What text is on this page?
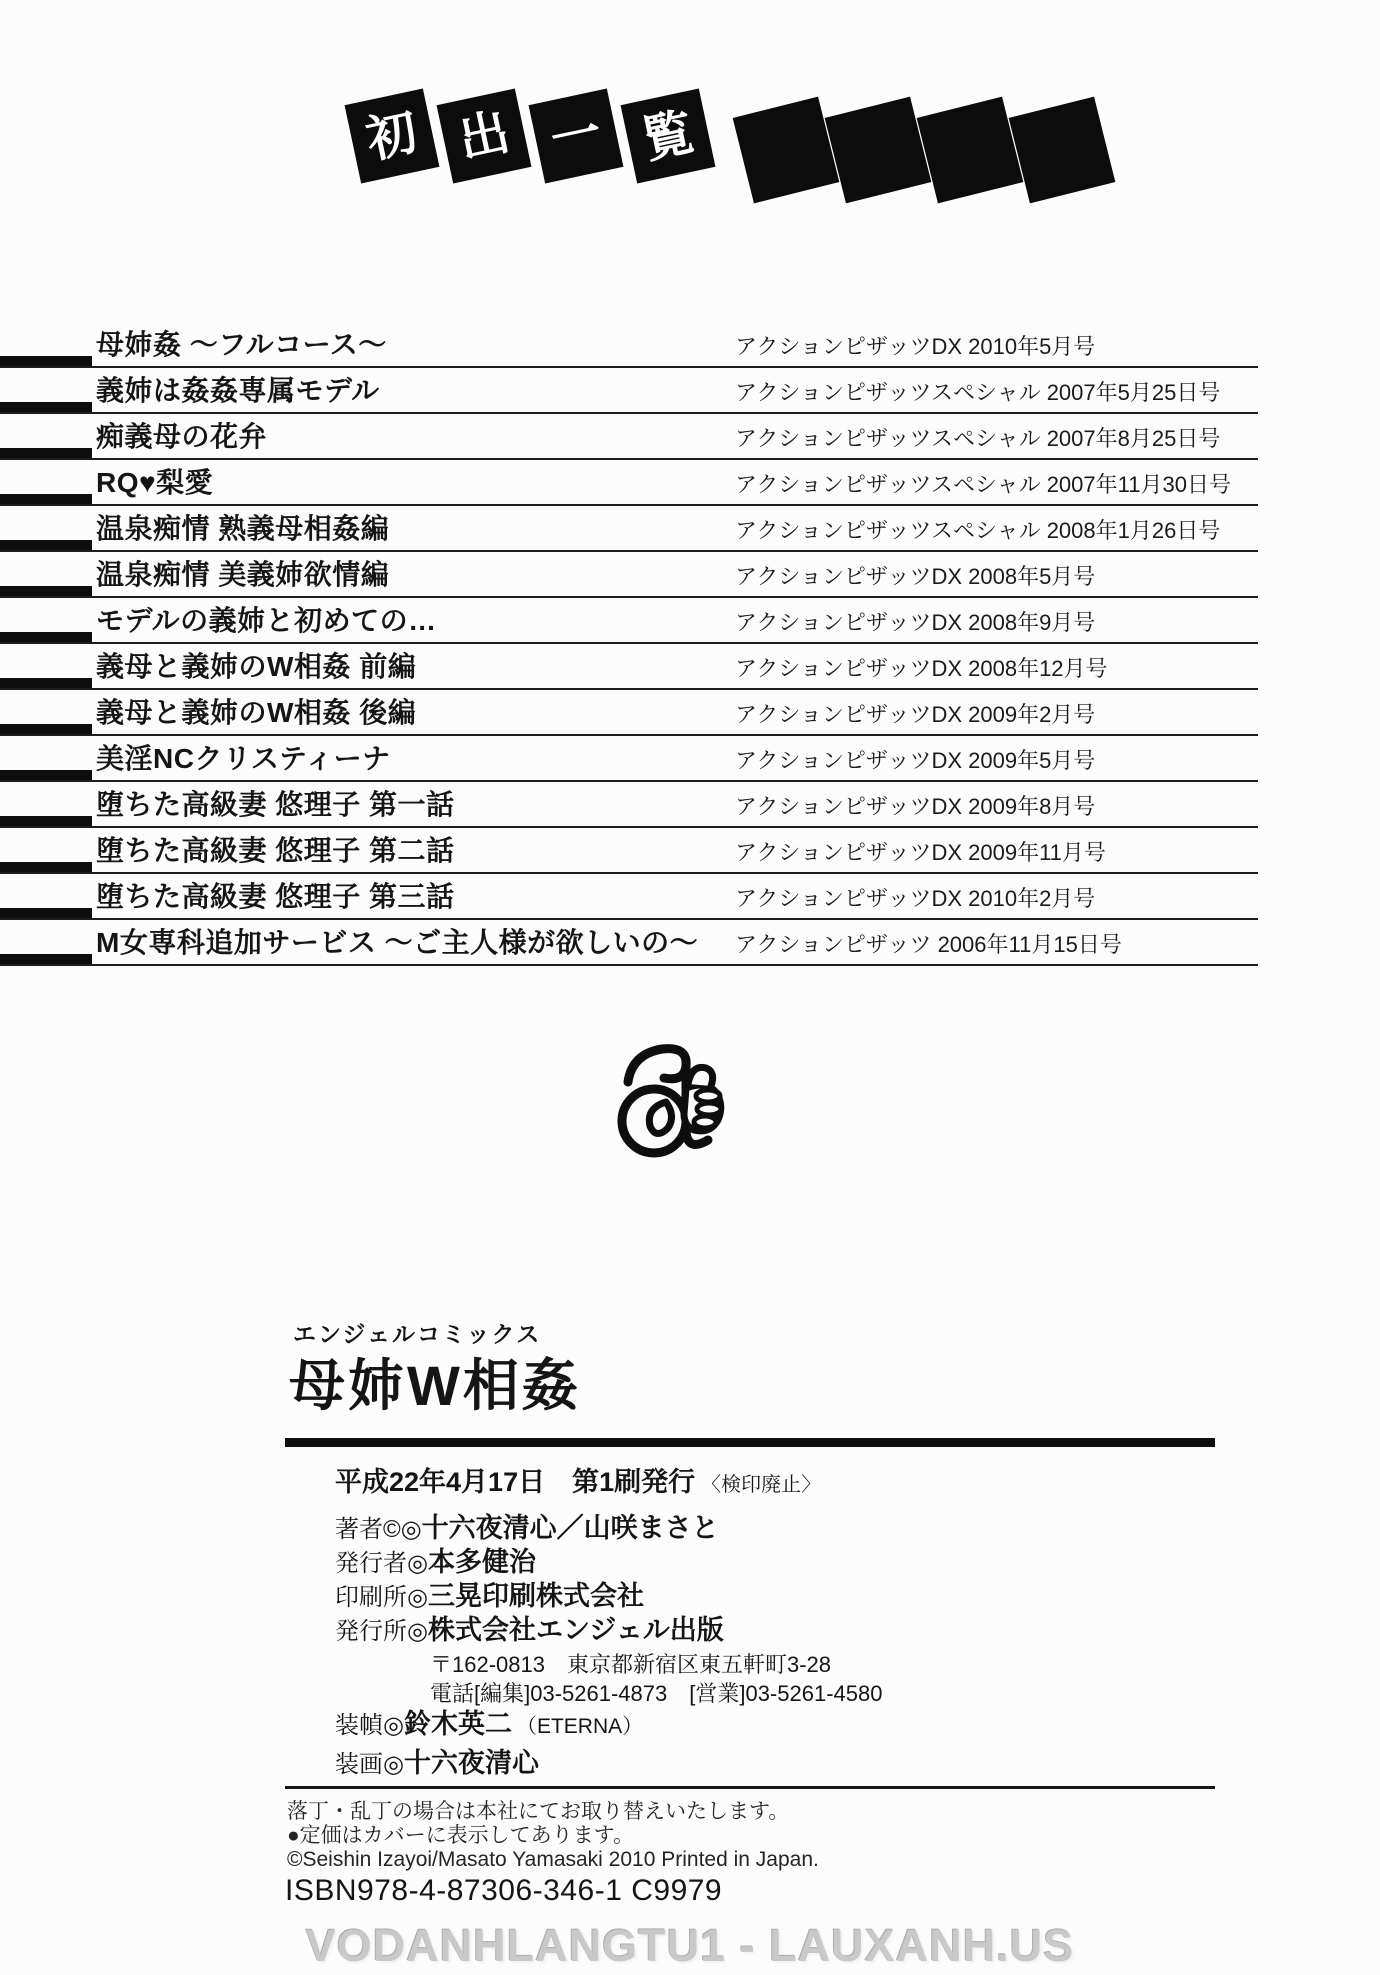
初 出 一 覧
母姉姦 ～フルコース～	アクションピザッツDX 2010年5月号
義姉は姦姦専属モデル	アクションピザッツスペシャル 2007年5月25日号
痴義母の花弁	アクションピザッツスペシャル 2007年8月25日号
RQ♥梨愛	アクションピザッツスペシャル 2007年11月30日号
温泉痴情 熟義母相姦編	アクションピザッツスペシャル 2008年1月26日号
温泉痴情 美義姉欲情編	アクションピザッツDX 2008年5月号
モデルの義姉と初めての…	アクションピザッツDX 2008年9月号
義母と義姉のW相姦 前編	アクションピザッツDX 2008年12月号
義母と義姉のW相姦 後編	アクションピザッツDX 2009年2月号
美淫NCクリスティーナ	アクションピザッツDX 2009年5月号
堕ちた高級妻 悠理子 第一話	アクションピザッツDX 2009年8月号
堕ちた高級妻 悠理子 第二話	アクションピザッツDX 2009年11月号
堕ちた高級妻 悠理子 第三話	アクションピザッツDX 2010年2月号
M女専科追加サービス ～ご主人様が欲しいの～ アクションピザッツ 2006年11月15日号
エンジェルコミックス
母姉W相姦
平成22年4月17日　第1刷発行 〈検印廃止〉
著者©◎十六夜清心／山咲まさと
発行者◎本多健治
印刷所◎三晃印刷株式会社
発行所◎株式会社エンジェル出版
〒162-0813　東京都新宿区東五軒町3-28
電話[編集]03-5261-4873　[営業]03-5261-4580
装幀◎鈴木英二 （ETERNA）
装画◎十六夜清心
落丁・乱丁の場合は本社にてお取り替えいたします。
●定価はカバーに表示してあります。
©Seishin Izayoi/Masato Yamasaki 2010 Printed in Japan.
ISBN978-4-87306-346-1 C9979
VODANHLANGTU1 - LAUXANH.US
